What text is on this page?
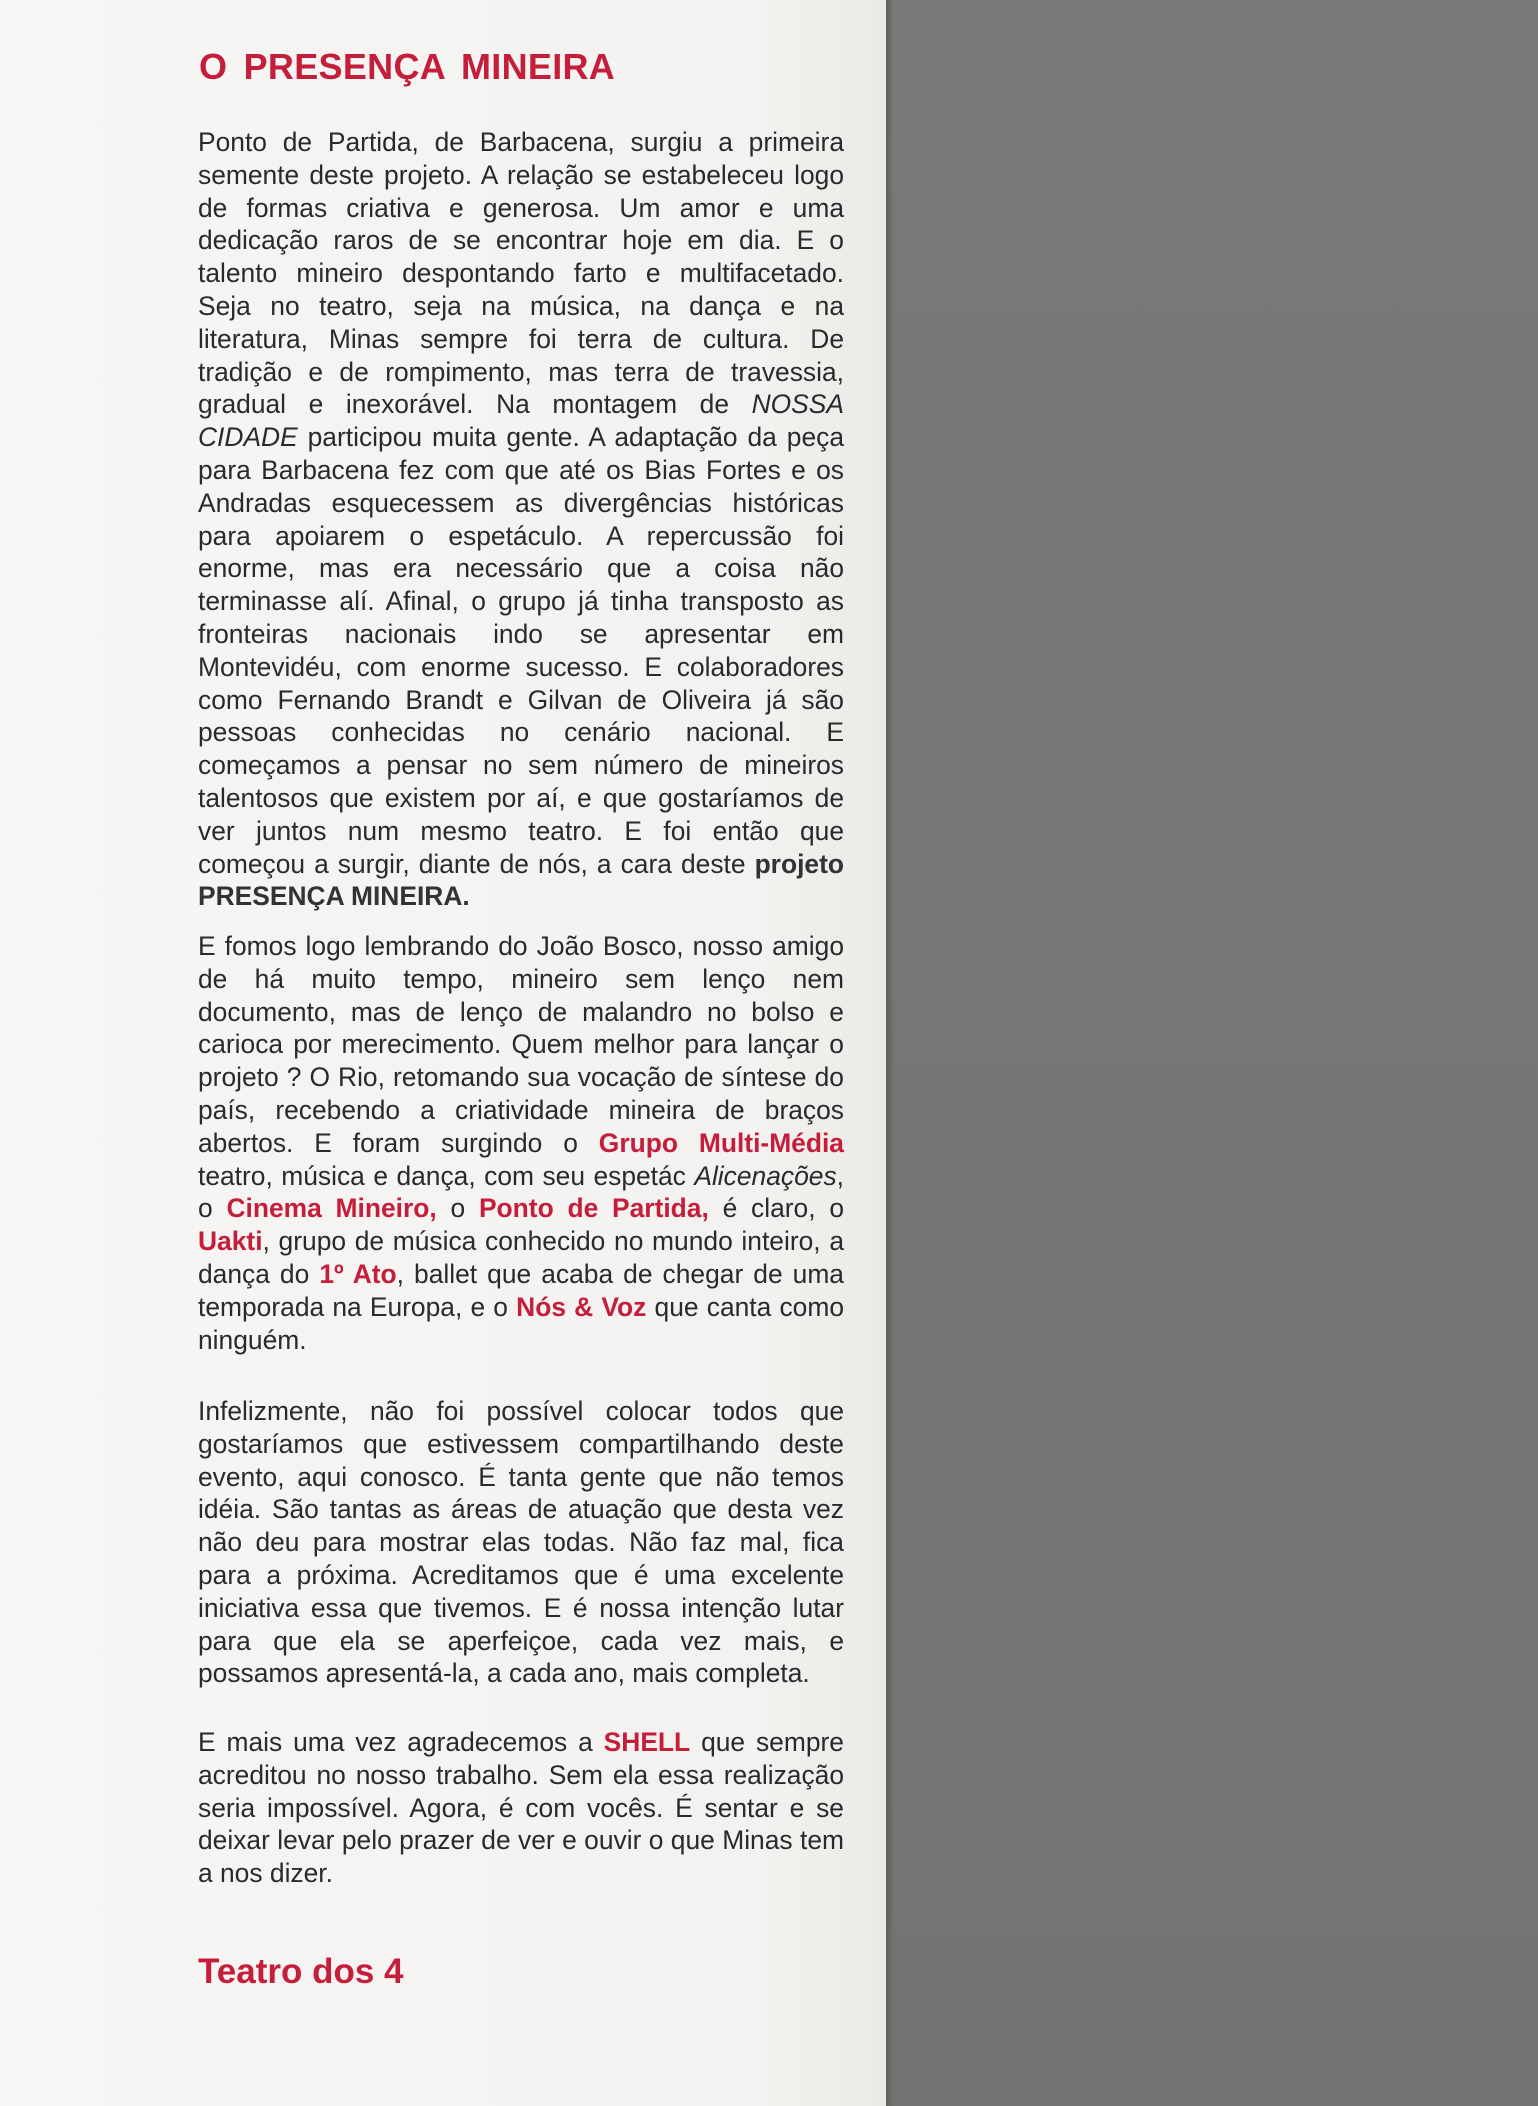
O PRESENÇA MINEIRA

Ponto de Partida, de Barbacena, surgiu a primeira semente deste projeto. A relação se estabeleceu logo de formas criativa e generosa. Um amor e uma dedicação raros de se encontrar hoje em dia. E o talento mineiro despontando farto e multifacetado. Seja no teatro, seja na música, na dança e na literatura, Minas sempre foi terra de cultura. De tradição e de rompimento, mas terra de travessia, gradual e inexorável. Na montagem de NOSSA CIDADE participou muita gente. A adaptação da peça para Barbacena fez com que até os Bias Fortes e os Andradas esquecessem as divergências históricas para apoiarem o espetáculo. A repercussão foi enorme, mas era necessário que a coisa não terminasse alí. Afinal, o grupo já tinha transposto as fronteiras nacionais indo se apresentar em Montevidéu, com enorme sucesso. E colaboradores como Fernando Brandt e Gilvan de Oliveira já são pessoas conhecidas no cenário nacional. E começamos a pensar no sem número de mineiros talentosos que existem por aí, e que gostaríamos de ver juntos num mesmo teatro. E foi então que começou a surgir, diante de nós, a cara deste projeto PRESENÇA MINEIRA.

E fomos logo lembrando do João Bosco, nosso amigo de há muito tempo, mineiro sem lenço nem documento, mas de lenço de malandro no bolso e carioca por merecimento. Quem melhor para lançar o projeto ? O Rio, retomando sua vocação de síntese do país, recebendo a criatividade mineira de braços abertos. E foram surgindo o Grupo Multi-Média teatro, música e dança, com seu espetác Alicenações, o Cinema Mineiro, o Ponto de Partida, é claro, o Uakti, grupo de música conhecido no mundo inteiro, a dança do 1º Ato, ballet que acaba de chegar de uma temporada na Europa, e o Nós & Voz que canta como ninguém.

Infelizmente, não foi possível colocar todos que gostaríamos que estivessem compartilhando deste evento, aqui conosco. É tanta gente que não temos idéia. São tantas as áreas de atuação que desta vez não deu para mostrar elas todas. Não faz mal, fica para a próxima. Acreditamos que é uma excelente iniciativa essa que tivemos. E é nossa intenção lutar para que ela se aperfeiçoe, cada vez mais, e possamos apresentá-la, a cada ano, mais completa.

E mais uma vez agradecemos a SHELL que sempre acreditou no nosso trabalho. Sem ela essa realização seria impossível. Agora, é com vocês. É sentar e se deixar levar pelo prazer de ver e ouvir o que Minas tem a nos dizer.

Teatro dos 4
